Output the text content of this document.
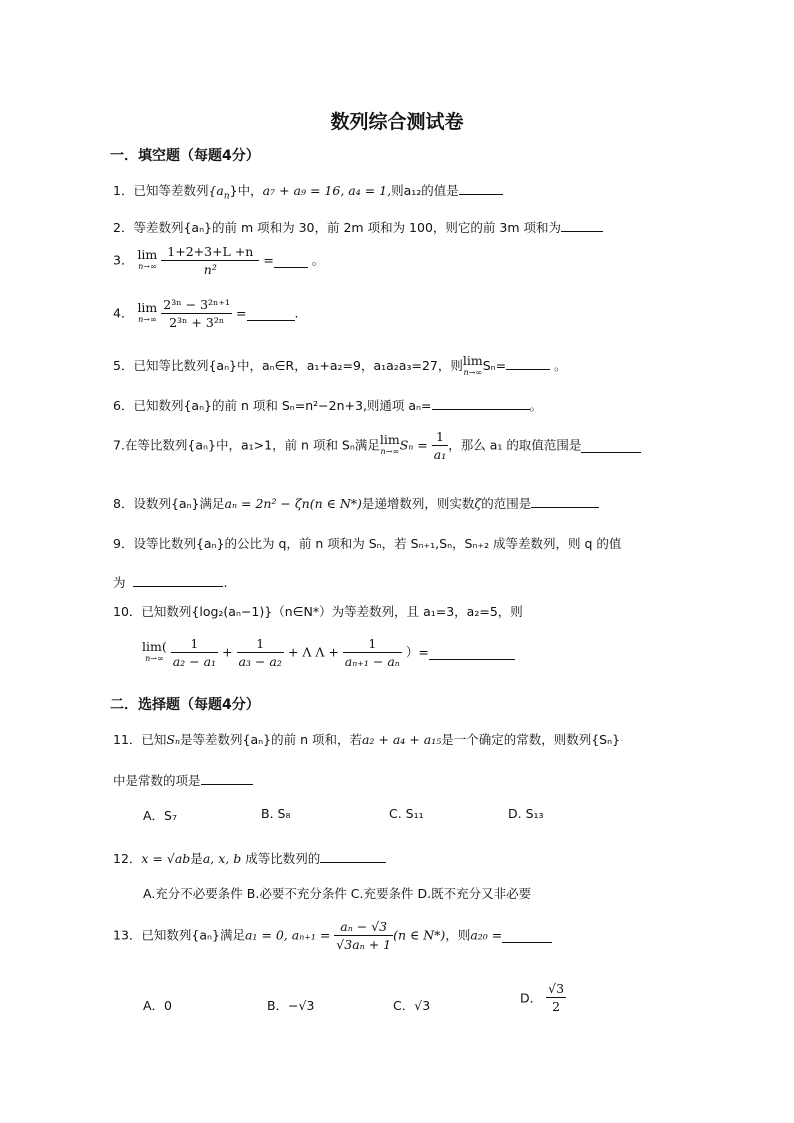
数列综合测试卷
一．填空题（每题4分）
1．已知等差数列$\{a_n\}$中，a₇ + a₉ = 16, a₄ = 1,则a₁₂的值是
2．等差数列{aₙ}的前 m 项和为 30，前 2m 项和为 100，则它的前 3m 项和为
3． lim
n→∞
$\frac{1+2+3+L +n}{\text{n²}}$ =	。
4． lim
n→∞
$\frac{\text{2³ⁿ − 3²ⁿ⁺¹}}{\text{2³ⁿ + 3²ⁿ}}$ =	.
5．已知等比数列{aₙ}中，aₙ∈R，a₁+a₂=9，a₁a₂a₃=27，则 lim
n→∞ Sₙ=	。
6．已知数列{aₙ}的前 n 项和 Sₙ=n²−2n+3,则通项 aₙ=	。
7.在等比数列{aₙ}中，a₁>1，前 n 项和 Sₙ满足 lim
n→∞ $S_n = \frac{1}{\text{a₁}}$ ，那么 a₁ 的取值范围是
8．设数列{aₙ}满足aₙ = 2n² − ζn(n ∈ N*)是递增数列，则实数ζ的范围是
9．设等比数列{aₙ}的公比为 q，前 n 项和为 Sₙ，若 Sₙ₊₁,Sₙ，Sₙ₊₂ 成等差数列，则 q 的值
为	.
10．已知数列{log₂(aₙ−1)}（n∈N*）为等差数列，且 a₁=3，a₂=5，则
lim(
n→∞
$\frac{1}{\text{a₂ − a₁}} + \frac{1}{\text{a₃ − a₂}} + \Lambda$ $\Lambda + \frac{1}{\text{aₙ₊₁ − aₙ}}$ ）=
二．选择题（每题4分）
11．已知Sₙ是等差数列{aₙ}的前 n 项和，若a₂ + a₄ + a₁₅是一个确定的常数，则数列{Sₙ}
中是常数的项是
A．S₇	B. S₈	C. S₁₁	D. S₁₃
12．x = √ab是a, x, b 成等比数列的
A.充分不必要条件 B.必要不充分条件 C.充要条件 D.既不充分又非必要
13．已知数列{aₙ}满足a₁ = 0, $a_{n+1} = \frac{\text{aₙ − √3}}{\text{√3aₙ + 1}} (n$ ∈ N*)，则a₂₀ =
A．0	B．−√3	C．√3	D． $\frac{√3}{2}$
